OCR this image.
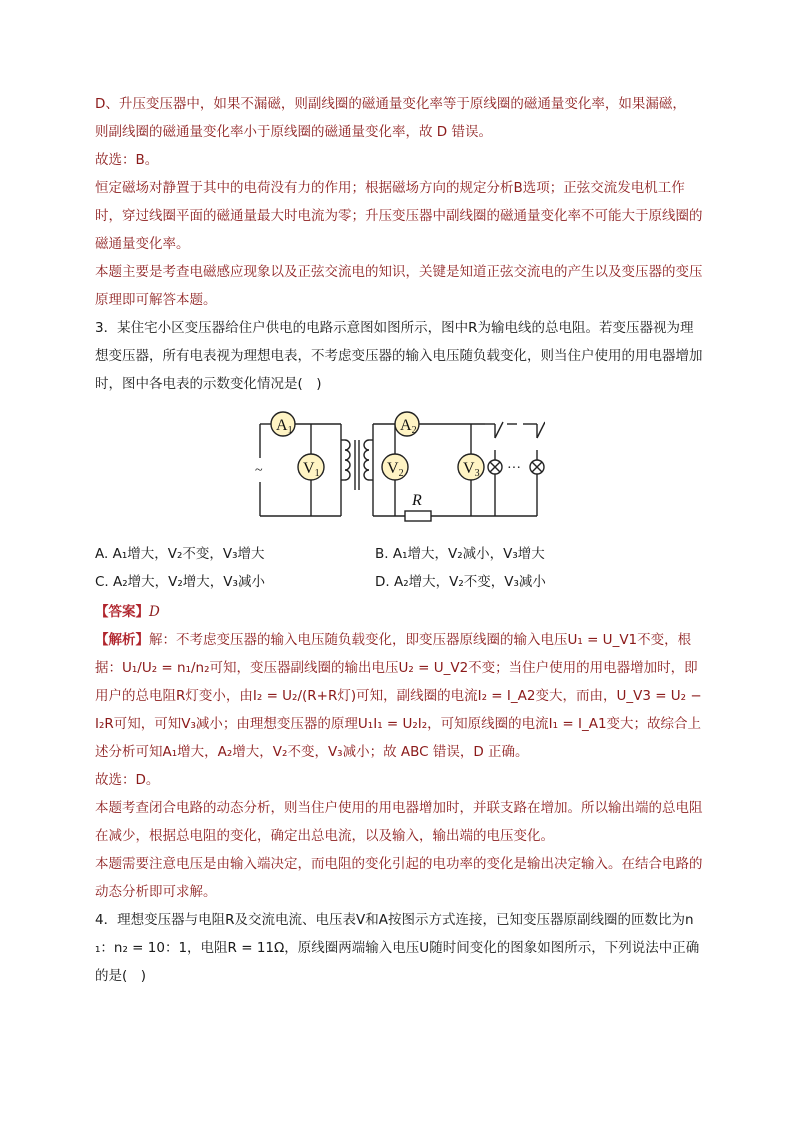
D、升压变压器中，如果不漏磁，则副线圈的磁通量变化率等于原线圈的磁通量变化率，如果漏磁，

则副线圈的磁通量变化率小于原线圈的磁通量变化率，故 D 错误。

故选：B。

恒定磁场对静置于其中的电荷没有力的作用；根据磁场方向的规定分析B选项；正弦交流发电机工作时，穿过线圈平面的磁通量最大时电流为零；升压变压器中副线圈的磁通量变化率不可能大于原线圈的磁通量变化率。

本题主要是考查电磁感应现象以及正弦交流电的知识，关键是知道正弦交流电的产生以及变压器的变压原理即可解答本题。

3．某住宅小区变压器给住户供电的电路示意图如图所示，图中R为输电线的总电阻。若变压器视为理想变压器，所有电表视为理想电表，不考虑变压器的输入电压随负载变化，则当住户使用的用电器增加时，图中各电表的示数变化情况是(　)

A1	A2
V1	V2	V3
R
~	···
A. A₁增大，V₂不变，V₃增大	B. A₁增大，V₂减小，V₃增大
C. A₂增大，V₂增大，V₃减小	D. A₂增大，V₂不变，V₃减小

【答案】D

【解析】解：不考虑变压器的输入电压随负载变化，即变压器原线圈的输入电压U₁ = U_V1不变，根据：U₁/U₂ = n₁/n₂可知，变压器副线圈的输出电压U₂ = U_V2不变；当住户使用的用电器增加时，即用户的总电阻R灯变小，由I₂ = U₂/(R+R灯)可知，副线圈的电流I₂ = I_A2变大，而由，U_V3 = U₂ − I₂R可知，可知V₃减小；由理想变压器的原理U₁I₁ = U₂I₂，可知原线圈的电流I₁ = I_A1变大；故综合上述分析可知A₁增大，A₂增大，V₂不变，V₃减小；故 ABC 错误，D 正确。

故选：D。

本题考查闭合电路的动态分析，则当住户使用的用电器增加时，并联支路在增加。所以输出端的总电阻在减少，根据总电阻的变化，确定出总电流，以及输入，输出端的电压变化。

本题需要注意电压是由输入端决定，而电阻的变化引起的电功率的变化是输出决定输入。在结合电路的动态分析即可求解。

4．理想变压器与电阻R及交流电流、电压表V和A按图示方式连接，已知变压器原副线圈的匝数比为n₁：n₂ = 10：1，电阻R = 11Ω，原线圈两端输入电压U随时间变化的图象如图所示，下列说法中正确的是(　)
